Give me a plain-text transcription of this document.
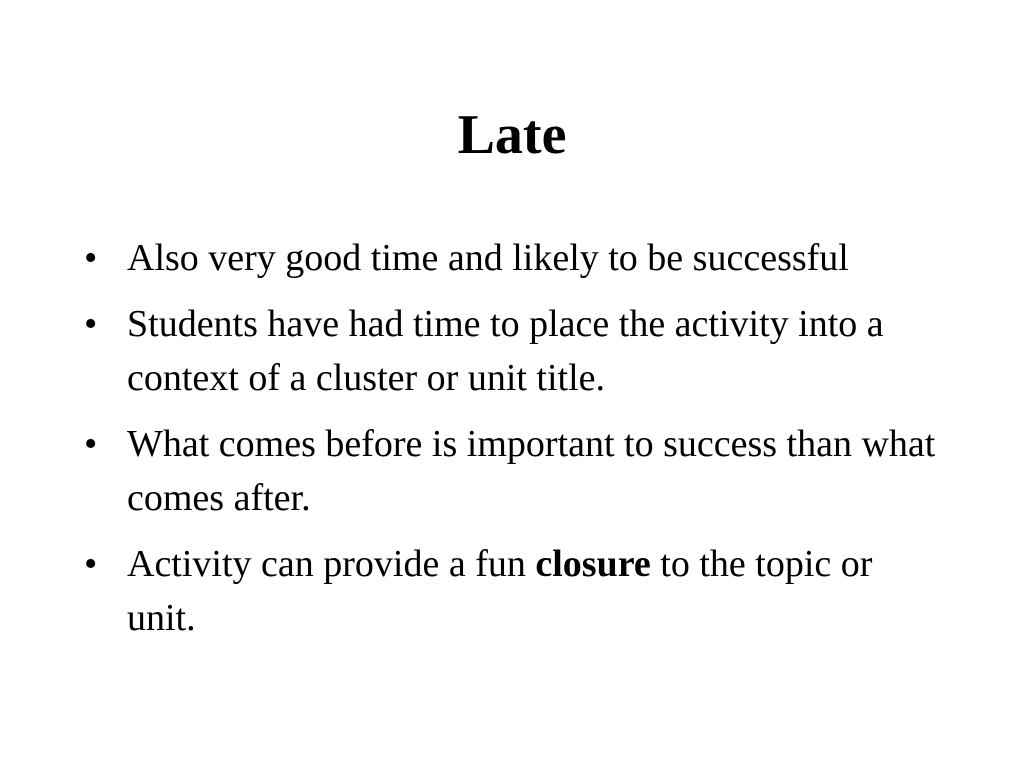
Late
• Also very good time and likely to be successful
• Students have had time to place the activity into a context of a cluster or unit title.
• What comes before is important to success than what comes after.
• Activity can provide a fun closure to the topic or unit.
